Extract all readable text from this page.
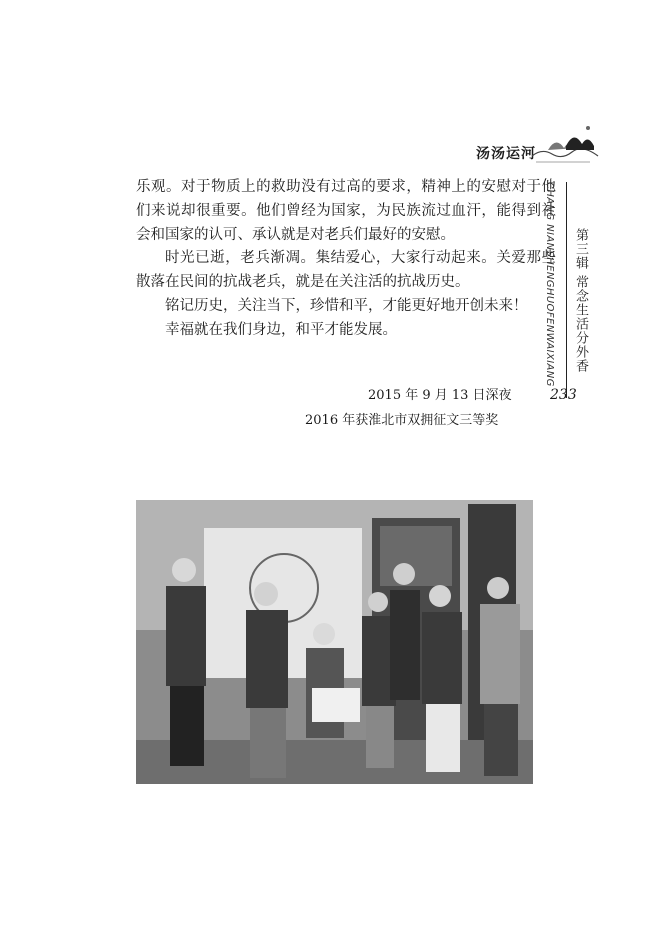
汤汤运河

乐观。对于物质上的救助没有过高的要求，精神上的安慰对于他们来说却很重要。他们曾经为国家，为民族流过血汗，能得到社会和国家的认可、承认就是对老兵们最好的安慰。

时光已逝，老兵渐凋。集结爱心，大家行动起来。关爱那些散落在民间的抗战老兵，就是在关注活的抗战历史。

铭记历史，关注当下，珍惜和平，才能更好地开创未来！

幸福就在我们身边，和平才能发展。

2015 年 9 月 13 日深夜
2016 年获淮北市双拥征文三等奖
CHANG NIANSHENGHUOFENWAIXIANG 第三辑 常念生活分外香
233
